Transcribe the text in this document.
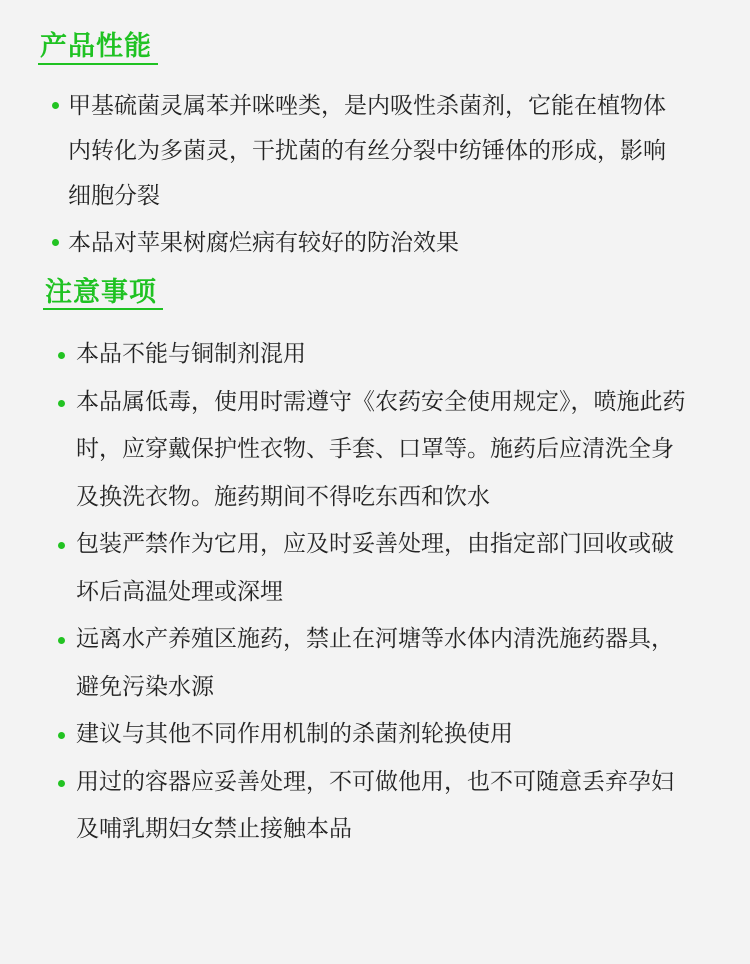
产品性能
甲基硫菌灵属苯并咪唑类，是内吸性杀菌剂，它能在植物体内转化为多菌灵，干扰菌的有丝分裂中纺锤体的形成，影响细胞分裂
本品对苹果树腐烂病有较好的防治效果
注意事项
本品不能与铜制剂混用
本品属低毒，使用时需遵守《农药安全使用规定》，喷施此药时，应穿戴保护性衣物、手套、口罩等。施药后应清洗全身及换洗衣物。施药期间不得吃东西和饮水
包装严禁作为它用，应及时妥善处理，由指定部门回收或破坏后高温处理或深埋
远离水产养殖区施药，禁止在河塘等水体内清洗施药器具，避免污染水源
建议与其他不同作用机制的杀菌剂轮换使用
用过的容器应妥善处理，不可做他用，也不可随意丢弃孕妇及哺乳期妇女禁止接触本品
